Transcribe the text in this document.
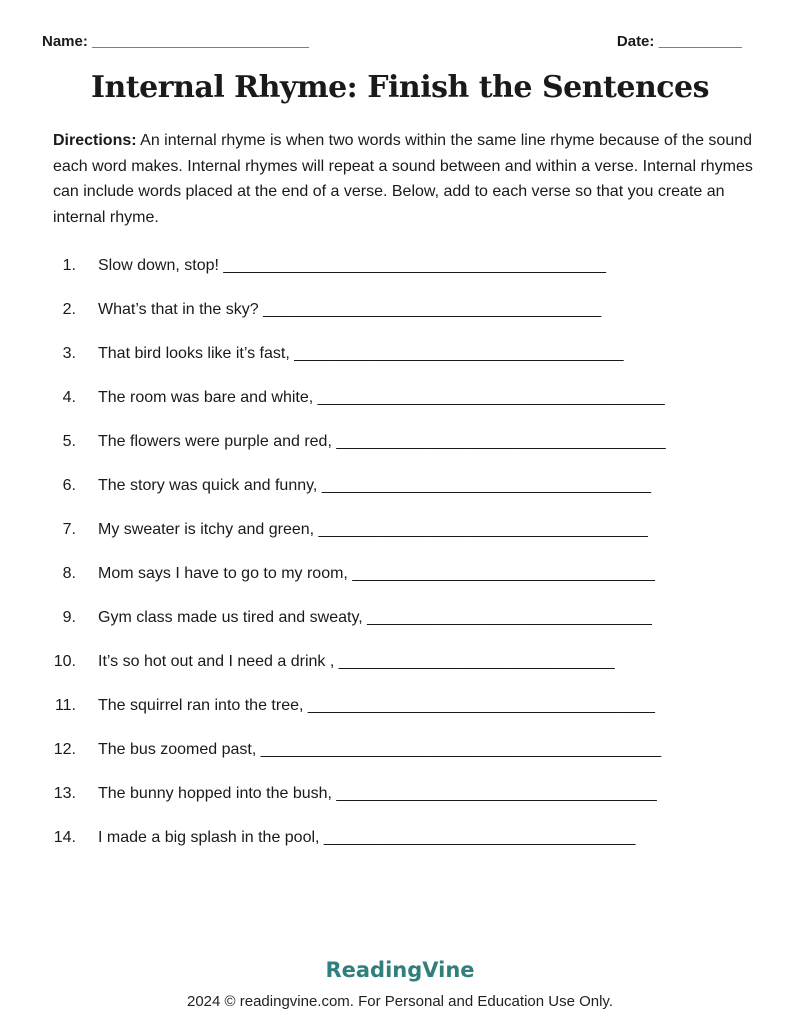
Name: __________________________	Date: __________
Internal Rhyme: Finish the Sentences
Directions: An internal rhyme is when two words within the same line rhyme because of the sound each word makes. Internal rhymes will repeat a sound between and within a verse. Internal rhymes can include words placed at the end of a verse. Below, add to each verse so that you create an internal rhyme.
1. Slow down, stop! ___________________________________________
2. What’s that in the sky? ______________________________________
3. That bird looks like it’s fast, _____________________________________
4. The room was bare and white, _______________________________________
5. The flowers were purple and red, _____________________________________
6. The story was quick and funny, _____________________________________
7. My sweater is itchy and green, _____________________________________
8. Mom says I have to go to my room, __________________________________
9. Gym class made us tired and sweaty, ________________________________
10. It’s so hot out and I need a drink , _______________________________
11. The squirrel ran into the tree, _______________________________________
12. The bus zoomed past, _____________________________________________
13. The bunny hopped into the bush, ____________________________________
14. I made a big splash in the pool, ___________________________________
ReadingVine
2024 © readingvine.com. For Personal and Education Use Only.
